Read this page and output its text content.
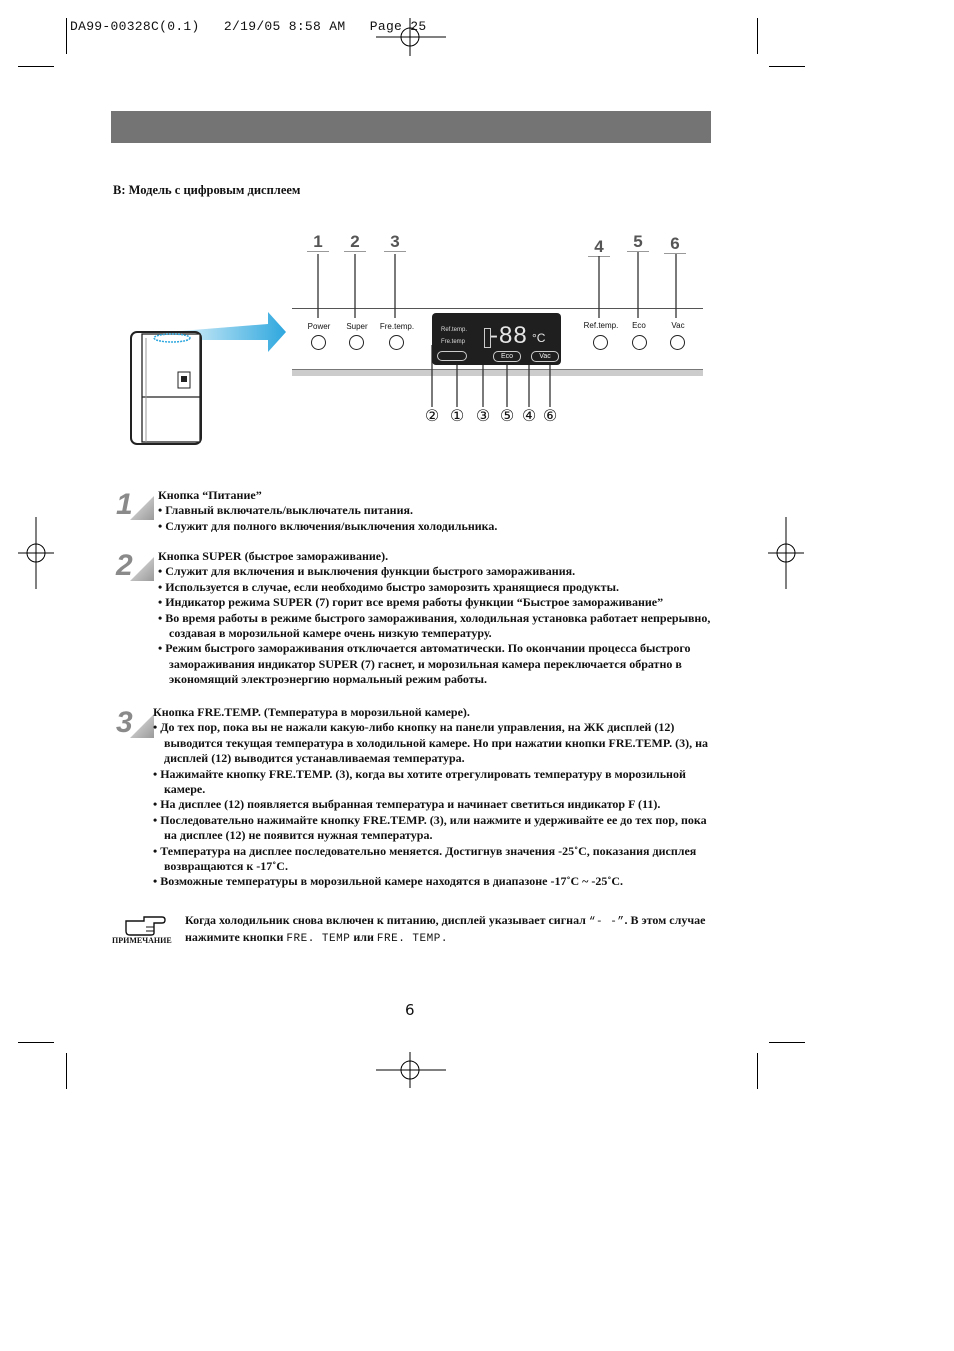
DA99-00328C(0.1)   2/19/05 8:58 AM   Page 25
B: Модель с цифровым дисплеем
1	2	3	4	5	6
Power	Super	Fre.temp.	Ref.temp.	Eco	Vac
Ref.temp.
Fre.temp -88 °C
Eco	Vac
② ① ③ ⑤ ④ ⑥
1 Кнопка “Питание”
• Главный включатель/выключатель питания.
• Служит для полного включения/выключения холодильника.
2 Кнопка SUPER (быстрое замораживание).
• Служит для включения и выключения функции быстрого замораживания.
• Используется в случае, если необходимо быстро заморозить хранящиеся продукты.
• Индикатор режима SUPER (7) горит все время работы функции “Быстрое замораживание”
• Во время работы в режиме быстрого замораживания, холодильная установка работает непрерывно, создавая в морозильной камере очень низкую температуру.
• Режим быстрого замораживания отключается автоматически. По окончании процесса быстрого замораживания индикатор SUPER (7) гаснет, и морозильная камера переключается обратно в экономящий электроэнергию нормальный режим работы.
3 Кнопка FRE.TEMP. (Температура в морозильной камере).
• До тех пор, пока вы не нажали какую-либо кнопку на панели управления, на ЖК дисплей (12) выводится текущая температура в холодильной камере. Но при нажатии кнопки FRE.TEMP. (3), на дисплей (12) выводится устанавливаемая температура.
• Нажимайте кнопку FRE.TEMP. (3), когда вы хотите отрегулировать температуру в морозильной камере.
• На дисплее (12) появляется выбранная температура и начинает светиться индикатор F (11).
• Последовательно нажимайте кнопку FRE.TEMP. (3), или нажмите и удерживайте ее до тех пор, пока на дисплее (12) не появится нужная температура.
• Температура на дисплее последовательно меняется. Достигнув значения -25˚C, показания дисплея возвращаются к -17˚C.
• Возможные температуры в морозильной камере находятся в диапазоне -17˚C ~ -25˚C.
ПРИМЕЧАНИЕ
Когда холодильник снова включен к питанию, дисплей указывает сигнал “- -”. В этом случае нажимите кнопки FRE. TEMP или FRE. TEMP.
6
